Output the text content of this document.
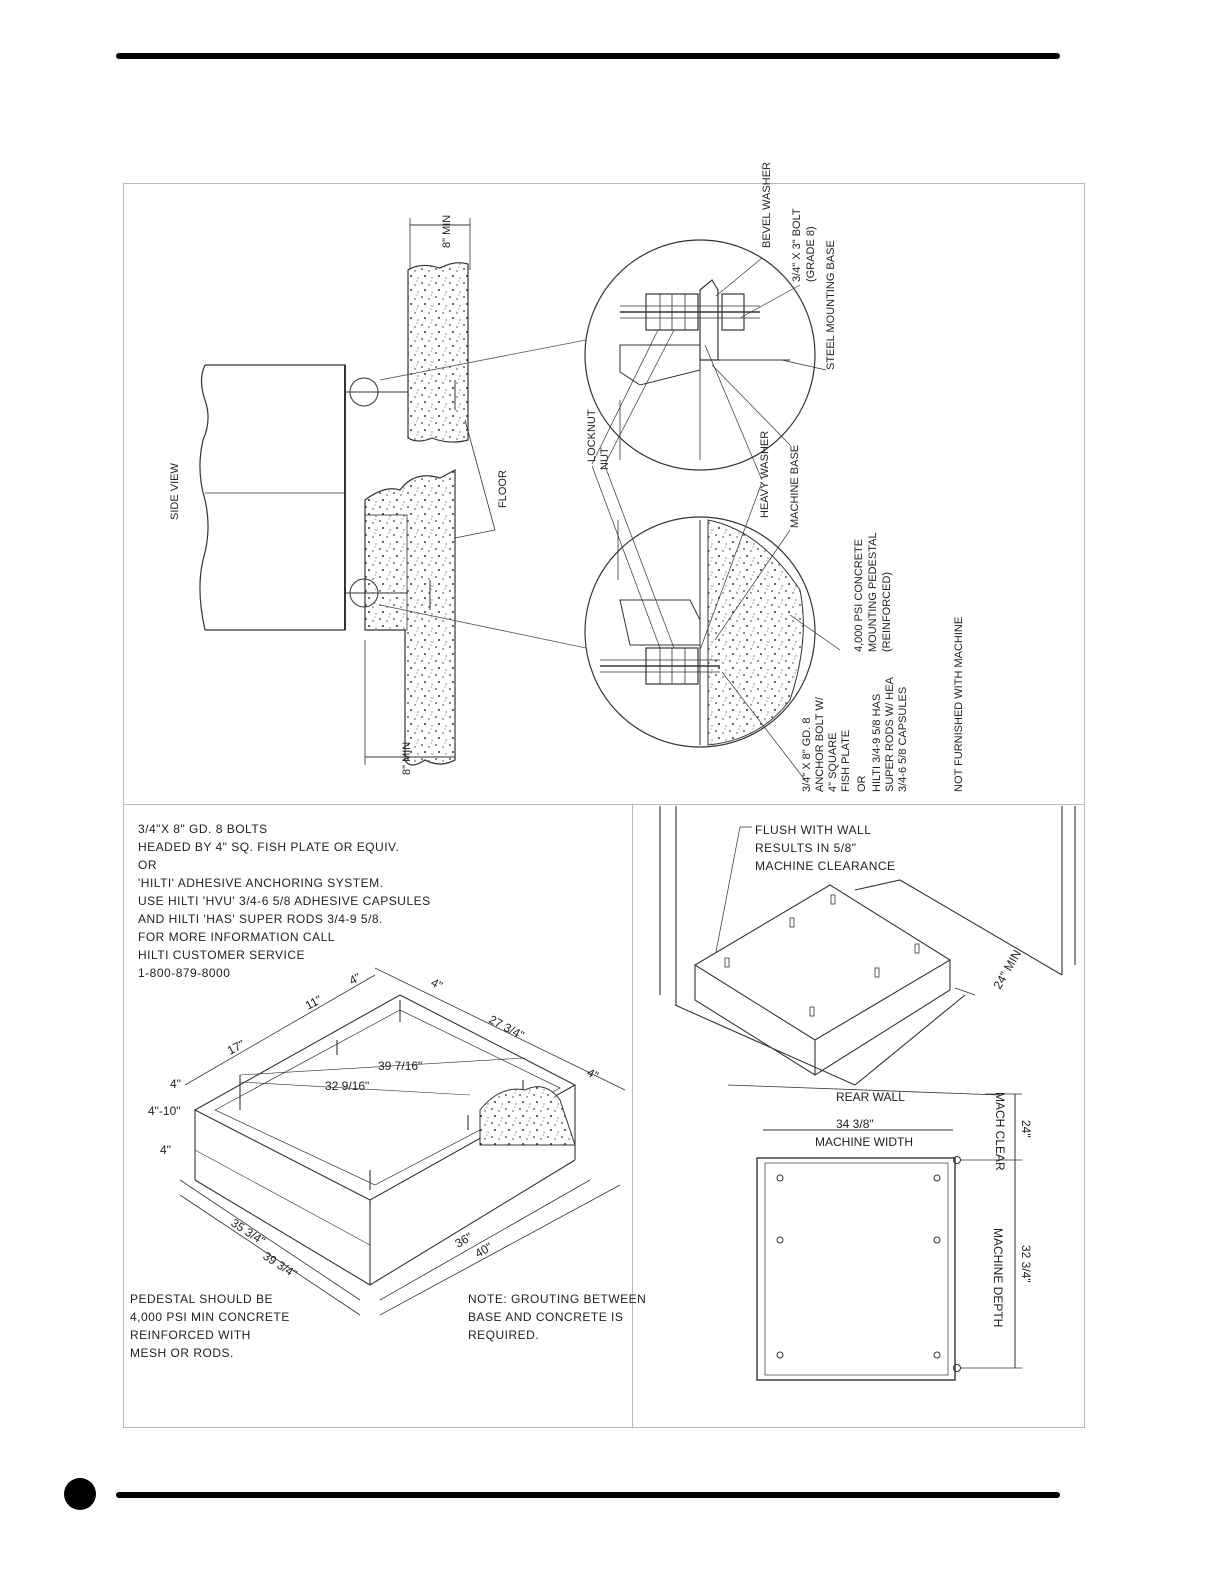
SIDE VIEW
8" MIN
8" MIN
FLOOR
BEVEL WASHER 3/4" X 3" BOLT (GRADE 8) STEEL MOUNTING BASE
LOCKNUT NUT	HEAVY WASHER MACHINE BASE
4,000 PSI CONCRETE MOUNTING PEDESTAL (REINFORCED)
3/4" X 8" GD. 8 ANCHOR BOLT W/ 4" SQUARE FISH PLATE OR HILTI 3/4-9 5/8 HAS SUPER RODS W/ HEA 3/4-6 5/8 CAPSULES	NOT FURNISHED WITH MACHINE
4"
11"
4"
17"
27 3/4"
39 7/16"
32 9/16"
4"
4"
4"-10"
4"
35 3/4"
39 3/4"
36"
40"
24" MIN
REAR WALL
34 3/8"
MACHINE WIDTH
24"
MACH CLEAR
32 3/4"
MACHINE DEPTH
3/4"X 8" GD. 8 BOLTS
HEADED BY 4" SQ. FISH PLATE OR EQUIV.
OR
'HILTI' ADHESIVE ANCHORING SYSTEM.
USE HILTI 'HVU' 3/4-6 5/8 ADHESIVE CAPSULES
AND HILTI 'HAS' SUPER RODS 3/4-9 5/8.
FOR MORE INFORMATION CALL
HILTI CUSTOMER SERVICE
1-800-879-8000
PEDESTAL SHOULD BE
4,000 PSI MIN CONCRETE
REINFORCED WITH
MESH OR RODS.
NOTE: GROUTING BETWEEN
BASE AND CONCRETE IS
REQUIRED.
FLUSH WITH WALL
RESULTS IN 5/8"
MACHINE CLEARANCE
